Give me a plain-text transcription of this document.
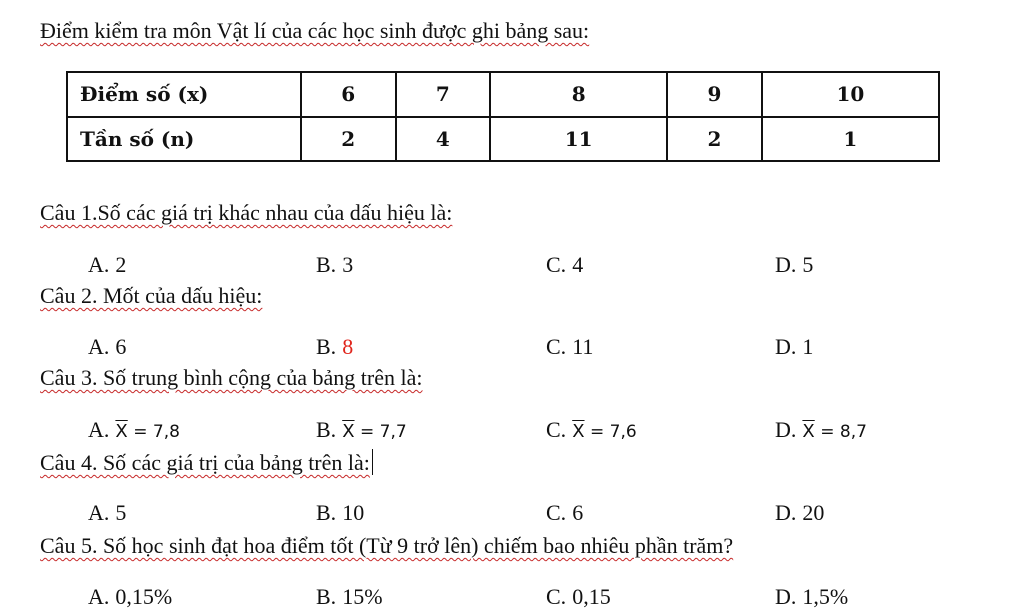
Điểm kiểm tra môn Vật lí của các học sinh được ghi bảng sau:
Điểm số (x)	6	7	8	9	10
Tần số (n)	2	4	11	2	1
Câu 1.Số các giá trị khác nhau của dấu hiệu là:
A. 2	B. 3	C. 4	D. 5
Câu 2. Mốt của dấu hiệu:
A. 6	B. 8	C. 11	D. 1
Câu 3. Số trung bình cộng của bảng trên là:
A. $\overline{X} = 7,8$	B. $\overline{X} = 7,7$	C. $\overline{X} = 7,6$	D. $\overline{X} = 8,7$
Câu 4. Số các giá trị của bảng trên là:
A. 5	B. 10	C. 6	D. 20
Câu 5. Số học sinh đạt hoa điểm tốt (Từ 9 trở lên) chiếm bao nhiêu phần trăm?
A. 0,15%	B. 15%	C. 0,15	D. 1,5%
